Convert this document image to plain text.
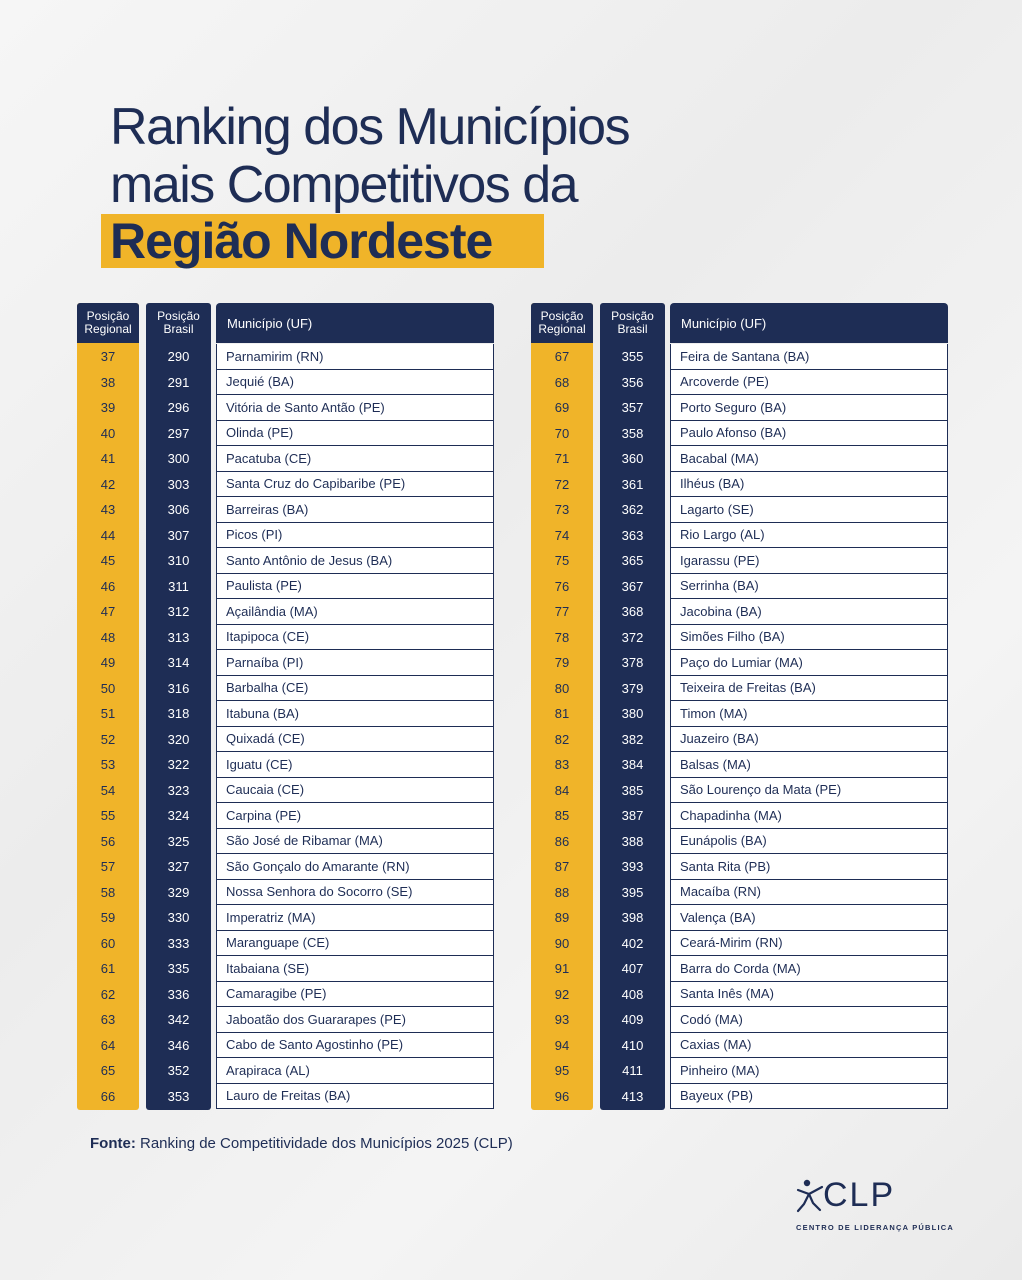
Ranking dos Municípios
mais Competitivos da
Região Nordeste
Posição
Regional
37
38
39
40
41
42
43
44
45
46
47
48
49
50
51
52
53
54
55
56
57
58
59
60
61
62
63
64
65
66
Posição
Brasil
290
291
296
297
300
303
306
307
310
311
312
313
314
316
318
320
322
323
324
325
327
329
330
333
335
336
342
346
352
353
Município (UF)
Parnamirim (RN)
Jequié (BA)
Vitória de Santo Antão (PE)
Olinda (PE)
Pacatuba (CE)
Santa Cruz do Capibaribe (PE)
Barreiras (BA)
Picos (PI)
Santo Antônio de Jesus (BA)
Paulista (PE)
Açailândia (MA)
Itapipoca (CE)
Parnaíba (PI)
Barbalha (CE)
Itabuna (BA)
Quixadá (CE)
Iguatu (CE)
Caucaia (CE)
Carpina (PE)
São José de Ribamar (MA)
São Gonçalo do Amarante (RN)
Nossa Senhora do Socorro (SE)
Imperatriz (MA)
Maranguape (CE)
Itabaiana (SE)
Camaragibe (PE)
Jaboatão dos Guararapes (PE)
Cabo de Santo Agostinho (PE)
Arapiraca (AL)
Lauro de Freitas (BA)
Posição
Regional
67
68
69
70
71
72
73
74
75
76
77
78
79
80
81
82
83
84
85
86
87
88
89
90
91
92
93
94
95
96
Posição
Brasil
355
356
357
358
360
361
362
363
365
367
368
372
378
379
380
382
384
385
387
388
393
395
398
402
407
408
409
410
411
413
Município (UF)
Feira de Santana (BA)
Arcoverde (PE)
Porto Seguro (BA)
Paulo Afonso (BA)
Bacabal (MA)
Ilhéus (BA)
Lagarto (SE)
Rio Largo (AL)
Igarassu (PE)
Serrinha (BA)
Jacobina (BA)
Simões Filho (BA)
Paço do Lumiar (MA)
Teixeira de Freitas (BA)
Timon (MA)
Juazeiro (BA)
Balsas (MA)
São Lourenço da Mata (PE)
Chapadinha (MA)
Eunápolis (BA)
Santa Rita (PB)
Macaíba (RN)
Valença (BA)
Ceará-Mirim (RN)
Barra do Corda (MA)
Santa Inês (MA)
Codó (MA)
Caxias (MA)
Pinheiro (MA)
Bayeux (PB)
Fonte: Ranking de Competitividade dos Municípios 2025 (CLP)
CLP
CENTRO DE LIDERANÇA PÚBLICA
